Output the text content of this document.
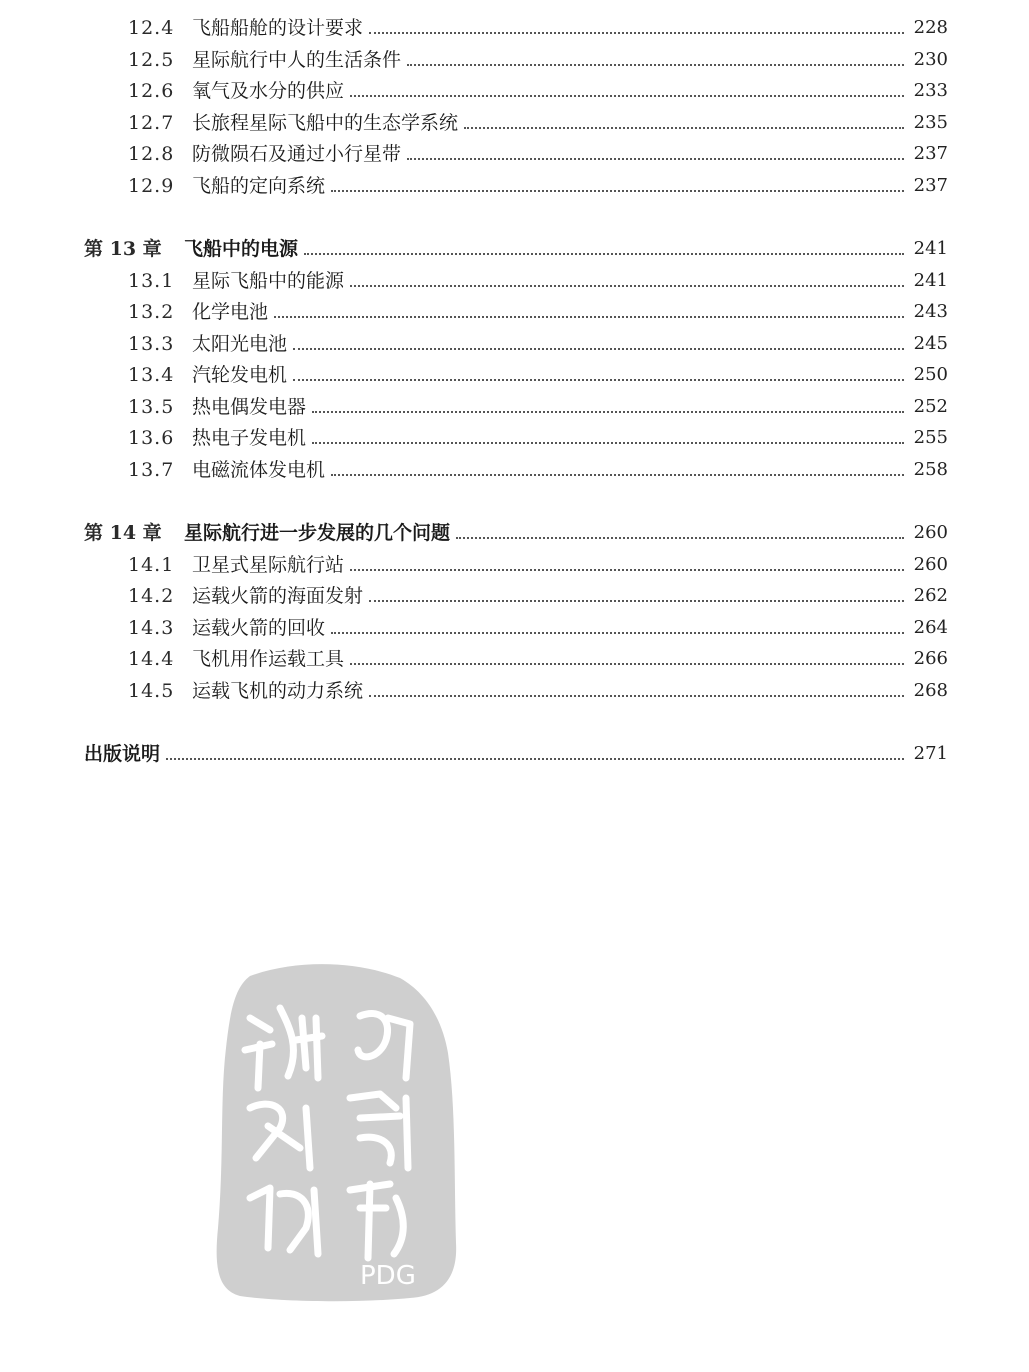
12.4 飞船船舱的设计要求	228
12.5 星际航行中人的生活条件	230
12.6 氧气及水分的供应	233
12.7 长旅程星际飞船中的生态学系统	235
12.8 防微陨石及通过小行星带	237
12.9 飞船的定向系统	237
第 13 章	飞船中的电源	241
13.1 星际飞船中的能源	241
13.2 化学电池	243
13.3 太阳光电池	245
13.4 汽轮发电机	250
13.5 热电偶发电器	252
13.6 热电子发电机	255
13.7 电磁流体发电机	258
第 14 章	星际航行进一步发展的几个问题	260
14.1 卫星式星际航行站	260
14.2 运载火箭的海面发射	262
14.3 运载火箭的回收	264
14.4 飞机用作运载工具	266
14.5 运载飞机的动力系统	268
出版说明	271
PDG
